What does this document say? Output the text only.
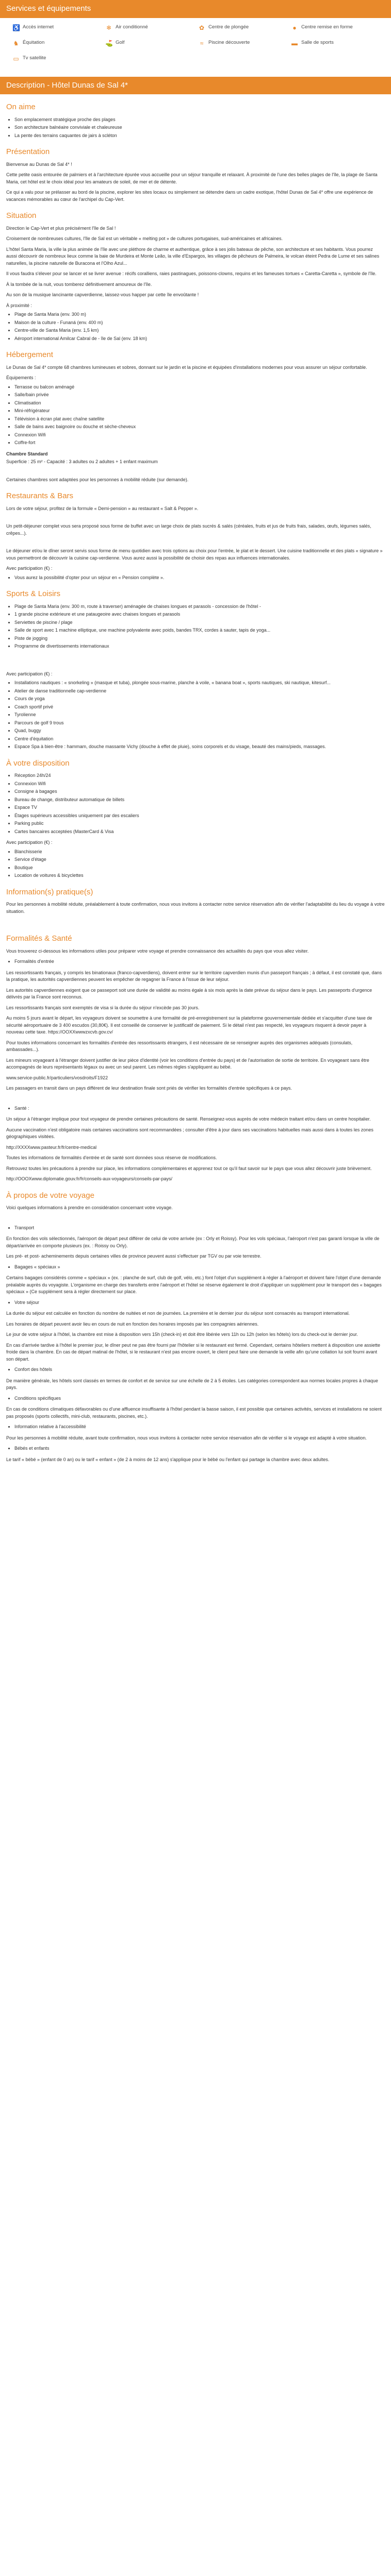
Services et équipements
♿ Accès internet	❄ Air conditionné	✿ Centre de plongée	● Centre remise en forme
♞ Équitation	⛳ Golf	≈	Piscine découverte	▬ Salle de sports
▭ Tv satellite
Description - Hôtel Dunas de Sal 4*
On aime
• Son emplacement stratégique proche des plages
• Son architecture balnéaire conviviale et chaleureuse
• La pente des terrains caquantes de jairs à scléton
Présentation

Bienvenue au Dunas de Sal 4* !

Cette petite oasis entourée de palmiers et à l'architecture épurée vous accueille pour un séjour tranquille et relaxant. À proximité de l'une des belles plages de l'île, la plage de Santa Maria, cet hôtel est le choix idéal pour les amateurs de soleil, de mer et de détente.

Ce qui a valu pour se prélasser au bord de la piscine, explorer les sites locaux ou simplement se détendre dans un cadre exotique, l'hôtel Dunas de Sal 4* offre une expérience de vacances mémorables au cœur de l'archipel du Cap-Vert.

Situation

Direction le Cap-Vert et plus précisément l'île de Sal !

Croisement de nombreuses cultures, l'île de Sal est un véritable « melting pot » de cultures portugaises, sud-américaines et africaines.

L'hôtel Santa Maria, la ville la plus animée de l'île avec une pléthore de charme et authentique, grâce à ses jolis bateaux de pêche, son architecture et ses habitants. Vous pourrez aussi découvrir de nombreux lieux comme la baie de Murdeira et Monte Leão, la ville d'Espargos, les villages de pêcheurs de Palmeira, le volcan éteint Pedra de Lume et ses salines naturelles, la piscine naturelle de Buracona et l'Olho Azul...

Il vous faudra s'élever pour se lancer et se livrer avenue : récifs coralliens, raies pastinagues, poissons-clowns, requins et les fameuses tortues « Caretta-Caretta », symbole de l'île.

À la tombée de la nuit, vous tomberez définitivement amoureux de l'île.

Au son de la musique lancinante capverdienne, laissez-vous happer par cette île envoûtante !

À proximité :

• Plage de Santa Maria (env. 300 m)
• Maison de la culture - Funaná (env. 400 m)
• Centre-ville de Santa Maria (env. 1,5 km)
• Aéroport international Amilcar Cabral de - île de Sal (env. 18 km)
Hébergement

Le Dunas de Sal 4* compte 68 chambres lumineuses et sobres, donnant sur le jardin et la piscine et équipées d'installations modernes pour vous assurer un séjour confortable.

Équipements :

• Terrasse ou balcon aménagé
• Salle/bain privée
• Climatisation
• Mini-réfrigérateur
• Télévision à écran plat avec chaîne satellite
• Salle de bains avec baignoire ou douche et sèche-cheveux
• Connexion Wifi
• Coffre-fort

Chambre Standard

Superficie : 25 m² - Capacité : 3 adultes ou 2 adultes + 1 enfant maximum

Certaines chambres sont adaptées pour les personnes à mobilité réduite (sur demande).

Restaurants & Bars

Lors de votre séjour, profitez de la formule « Demi-pension » au restaurant « Salt & Pepper ».

Un petit-déjeuner complet vous sera proposé sous forme de buffet avec un large choix de plats sucrés & salés (céréales, fruits et jus de fruits frais, salades, œufs, légumes salés, crêpes...).

Le déjeuner et/ou le dîner seront servis sous forme de menu quotidien avec trois options au choix pour l'entrée, le plat et le dessert. Une cuisine traditionnelle et des plats « signature » vous permettront de découvrir la cuisine cap-verdienne. Vous aurez aussi la possibilité de choisir des repas aux influences internationales.

Avec participation (€) :

• Vous aurez la possibilité d'opter pour un séjour en « Pension complète ».
Sports & Loisirs
• Plage de Santa Maria (env. 300 m, route à traverser) aménagée de chaises longues et parasols - concession de l'hôtel -
• 1 grande piscine extérieure et une pataugeoire avec chaises longues et parasols
• Serviettes de piscine / plage
• Salle de sport avec 1 machine elliptique, une machine polyvalente avec poids, bandes TRX, cordes à sauter, tapis de yoga...
• Piste de jogging
• Programme de divertissements internationaux

Avec participation (€) :

• Installations nautiques : « snorkeling » (masque et tuba), plongée sous-marine, planche à voile, « banana boat », sports nautiques, ski nautique, kitesurf...
• Atelier de danse traditionnelle cap-verdienne
• Cours de yoga
• Coach sportif privé
• Tyrolienne
• Parcours de golf 9 trous
• Quad, buggy
• Centre d'équitation
• Espace Spa à bien-être : hammam, douche massante Vichy (douche à effet de pluie), soins corporels et du visage, beauté des mains/pieds, massages.
À votre disposition
• Réception 24h/24
• Connexion Wifi
• Consigne à bagages
• Bureau de change, distributeur automatique de billets
• Espace TV
• Étages supérieurs accessibles uniquement par des escaliers
• Parking public
• Cartes bancaires acceptées (MasterCard & Visa

Avec participation (€) :

• Blanchisserie
• Service d'étage
• Boutique
• Location de voitures & bicyclettes
Information(s) pratique(s)

Pour les personnes à mobilité réduite, préalablement à toute confirmation, nous vous invitons à contacter notre service réservation afin de vérifier l'adaptabilité du lieu du voyage à votre situation.

Formalités & Santé

Vous trouverez ci-dessous les informations utiles pour préparer votre voyage et prendre connaissance des actualités du pays que vous allez visiter.

• Formalités d'entrée

Les ressortissants français, y compris les binationaux (franco-capverdiens), doivent entrer sur le territoire capverdien munis d'un passeport français ; à défaut, il est constaté que, dans la pratique, les autorités capverdiennes peuvent les empêcher de regagner la France à l'issue de leur séjour.

Les autorités capverdiennes exigent que ce passeport soit une durée de validité au moins égale à six mois après la date prévue du séjour dans le pays. Les passeports d'urgence délivrés par la France sont reconnus.

Les ressortissants français sont exemptés de visa si la durée du séjour n'excède pas 30 jours.

Au moins 5 jours avant le départ, les voyageurs doivent se soumettre à une formalité de pré-enregistrement sur la plateforme gouvernementale dédiée et s'acquitter d'une taxe de sécurité aéroportuaire de 3 400 escudos (30,80€). Il est conseillé de conserver le justificatif de paiement. Si le détail n'est pas respecté, les voyageurs risquent à devoir payer à nouveau cette taxe. https://OOXXwwwzxcvb.gov.cv/

Pour toutes informations concernant les formalités d'entrée des ressortissants étrangers, il est nécessaire de se renseigner auprès des organismes adéquats (consulats, ambassades...).

Les mineurs voyageant à l'étranger doivent justifier de leur pièce d'identité (voir les conditions d'entrée du pays) et de l'autorisation de sortie de territoire. En voyageant sans être accompagnés de leurs représentants légaux ou avec un seul parent. Les mêmes règles s'appliquent au bébé.

www.service-public.fr/particuliers/vosdroits/F1922

Les passagers en transit dans un pays différent de leur destination finale sont priés de vérifier les formalités d'entrée spécifiques à ce pays.

• Santé :

Un séjour à l'étranger implique pour tout voyageur de prendre certaines précautions de santé. Renseignez-vous auprès de votre médecin traitant et/ou dans un centre hospitalier.

Aucune vaccination n'est obligatoire mais certaines vaccinations sont recommandées ; consulter d'être à jour dans ses vaccinations habituelles mais aussi dans à toutes les zones géographiques visitées.

http://XXXXwww.pasteur.fr/fr/centre-medical

Toutes les informations de formalités d'entrée et de santé sont données sous réserve de modifications.

Retrouvez toutes les précautions à prendre sur place, les informations complémentaires et apprenez tout ce qu'il faut savoir sur le pays que vous allez découvrir juste brièvement.

http://OOOXwww.diplomatie.gouv.fr/fr/conseils-aux-voyageurs/conseils-par-pays/

À propos de votre voyage

Voici quelques informations à prendre en considération concernant votre voyage.

• Transport

En fonction des vols sélectionnés, l'aéroport de départ peut différer de celui de votre arrivée (ex : Orly et Roissy). Pour les vols spéciaux, l'aéroport n'est pas garanti lorsque la ville de départ/arrivée en comporte plusieurs (ex. : Roissy ou Orly).

Les pré- et post- acheminements depuis certaines villes de province peuvent aussi s'effectuer par TGV ou par voie terrestre.

• Bagages « spéciaux »

Certains bagages considérés comme « spéciaux » (ex. : planche de surf, club de golf, vélo, etc.) font l'objet d'un supplément à régler à l'aéroport et doivent faire l'objet d'une demande préalable auprès du voyagiste. L'organisme en charge des transferts entre l'aéroport et l'hôtel se réserve également le droit d'appliquer un supplément pour le transport des « bagages spéciaux » (Ce supplément sera à régler directement sur place.

• Votre séjour

La durée du séjour est calculée en fonction du nombre de nuitées et non de journées. La première et le dernier jour du séjour sont consacrés au transport international.

Les horaires de départ peuvent avoir lieu en cours de nuit en fonction des horaires imposés par les compagnies aériennes.

Le jour de votre séjour à l'hôtel, la chambre est mise à disposition vers 15h (check-in) et doit être libérée vers 11h ou 12h (selon les hôtels) lors du check-out le dernier jour.

En cas d'arrivée tardive à l'hôtel le premier jour, le dîner peut ne pas être fourni par l'hôtelier si le restaurant est fermé. Cependant, certains hôteliers mettent à disposition une assiette froide dans la chambre. En cas de départ matinal de l'hôtel, si le restaurant n'est pas encore ouvert, le client peut faire une demande la veille afin qu'une collation lui soit fourni avant son départ.

• Confort des hôtels

De manière générale, les hôtels sont classés en termes de confort et de service sur une échelle de 2 à 5 étoiles. Les catégories correspondent aux normes locales propres à chaque pays.

• Conditions spécifiques

En cas de conditions climatiques défavorables ou d'une affluence insuffisante à l'hôtel pendant la basse saison, il est possible que certaines activités, services et installations ne soient pas proposés (sports collectifs, mini-club, restaurants, piscines, etc.).

• Information relative à l'accessibilité

Pour les personnes à mobilité réduite, avant toute confirmation, nous vous invitons à contacter notre service réservation afin de vérifier si le voyage est adapté à votre situation.

• Bébés et enfants

Le tarif « bébé » (enfant de 0 an) ou le tarif « enfant » (de 2 à moins de 12 ans) s'applique pour le bébé ou l'enfant qui partage la chambre avec deux adultes.
